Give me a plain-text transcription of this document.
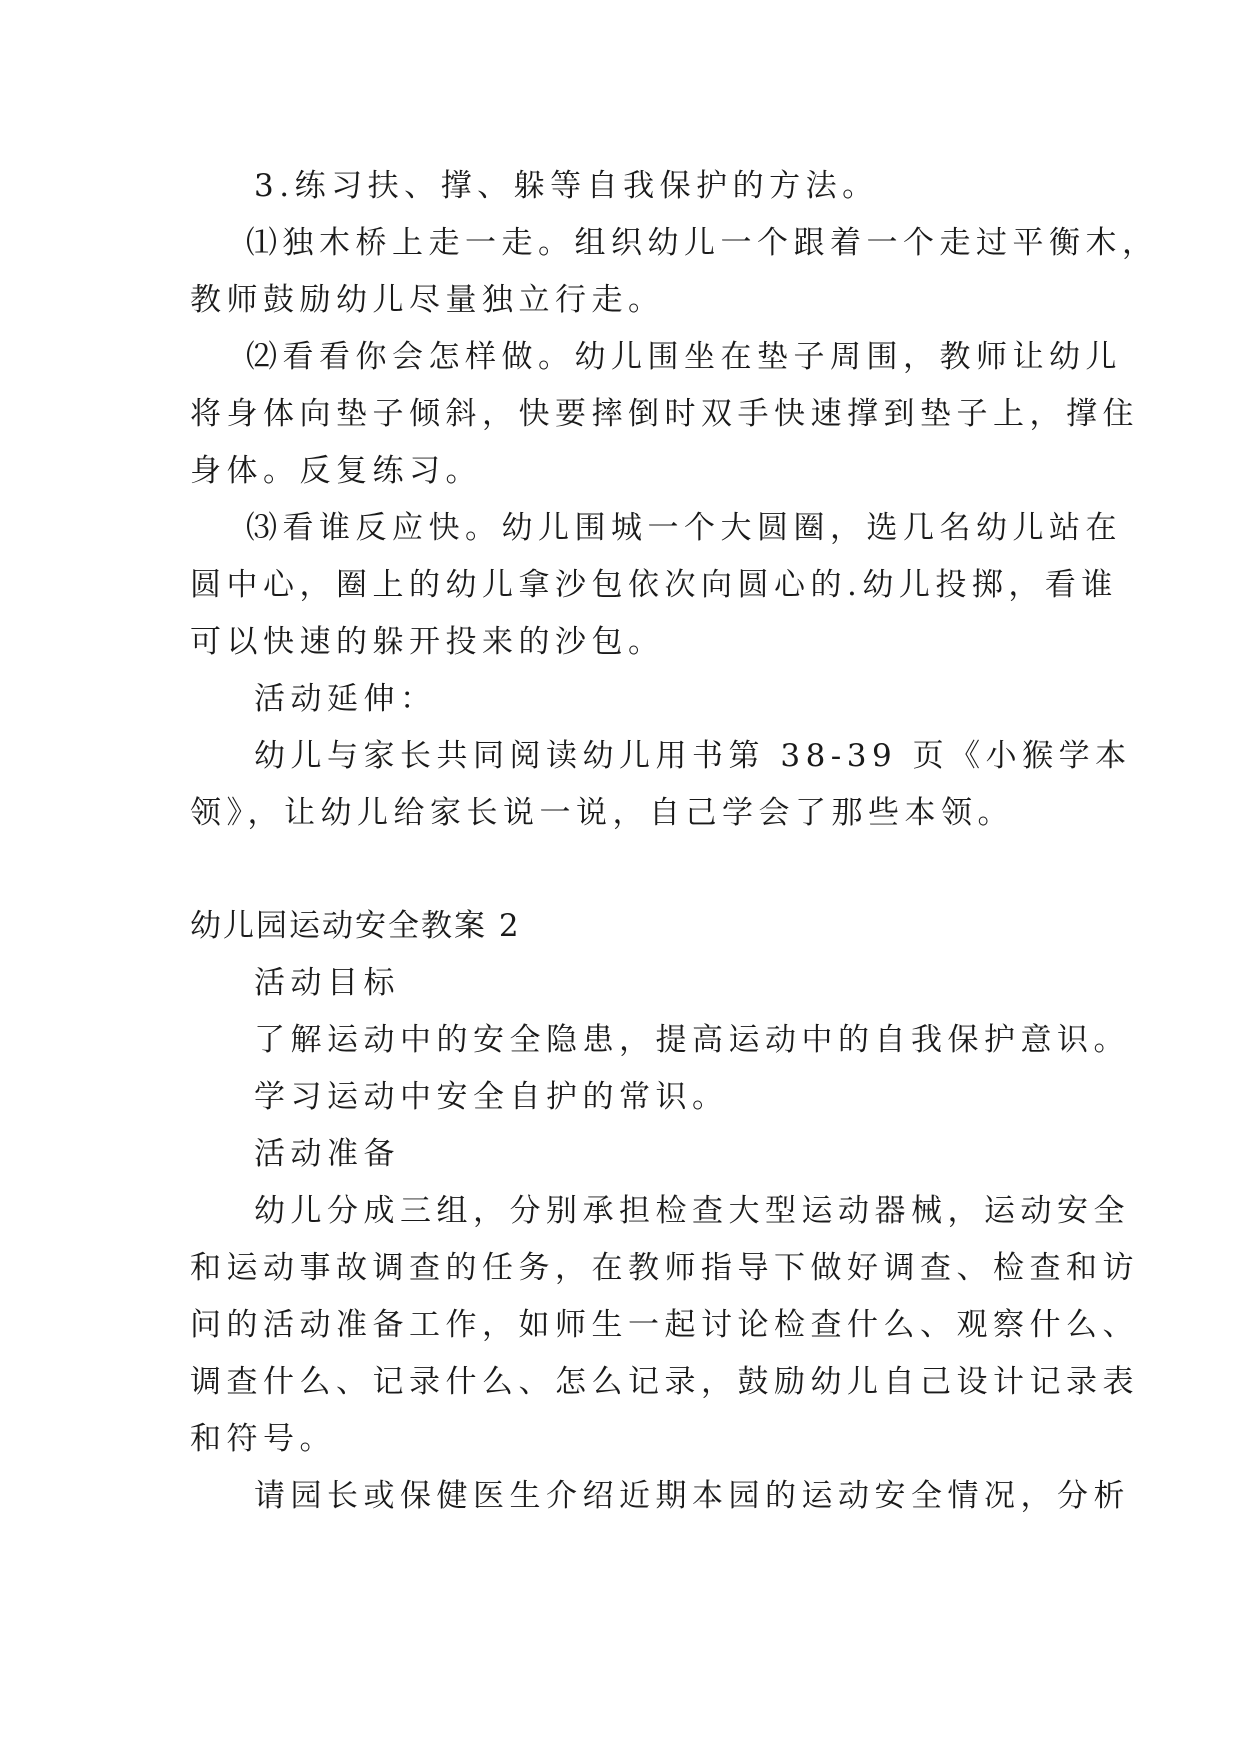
3.练习扶、撑、躲等自我保护的方法。

⑴独木桥上走一走。组织幼儿一个跟着一个走过平衡木，

教师鼓励幼儿尽量独立行走。

⑵看看你会怎样做。幼儿围坐在垫子周围，教师让幼儿

将身体向垫子倾斜，快要摔倒时双手快速撑到垫子上，撑住

身体。反复练习。

⑶看谁反应快。幼儿围城一个大圆圈，选几名幼儿站在

圆中心，圈上的幼儿拿沙包依次向圆心的.幼儿投掷，看谁

可以快速的躲开投来的沙包。

活动延伸：

幼儿与家长共同阅读幼儿用书第 38-39 页《小猴学本

领》，让幼儿给家长说一说，自己学会了那些本领。

幼儿园运动安全教案 2

活动目标

了解运动中的安全隐患，提高运动中的自我保护意识。

学习运动中安全自护的常识。

活动准备

幼儿分成三组，分别承担检查大型运动器械，运动安全

和运动事故调查的任务，在教师指导下做好调查、检查和访

问的活动准备工作，如师生一起讨论检查什么、观察什么、

调查什么、记录什么、怎么记录，鼓励幼儿自己设计记录表

和符号。

请园长或保健医生介绍近期本园的运动安全情况，分析
